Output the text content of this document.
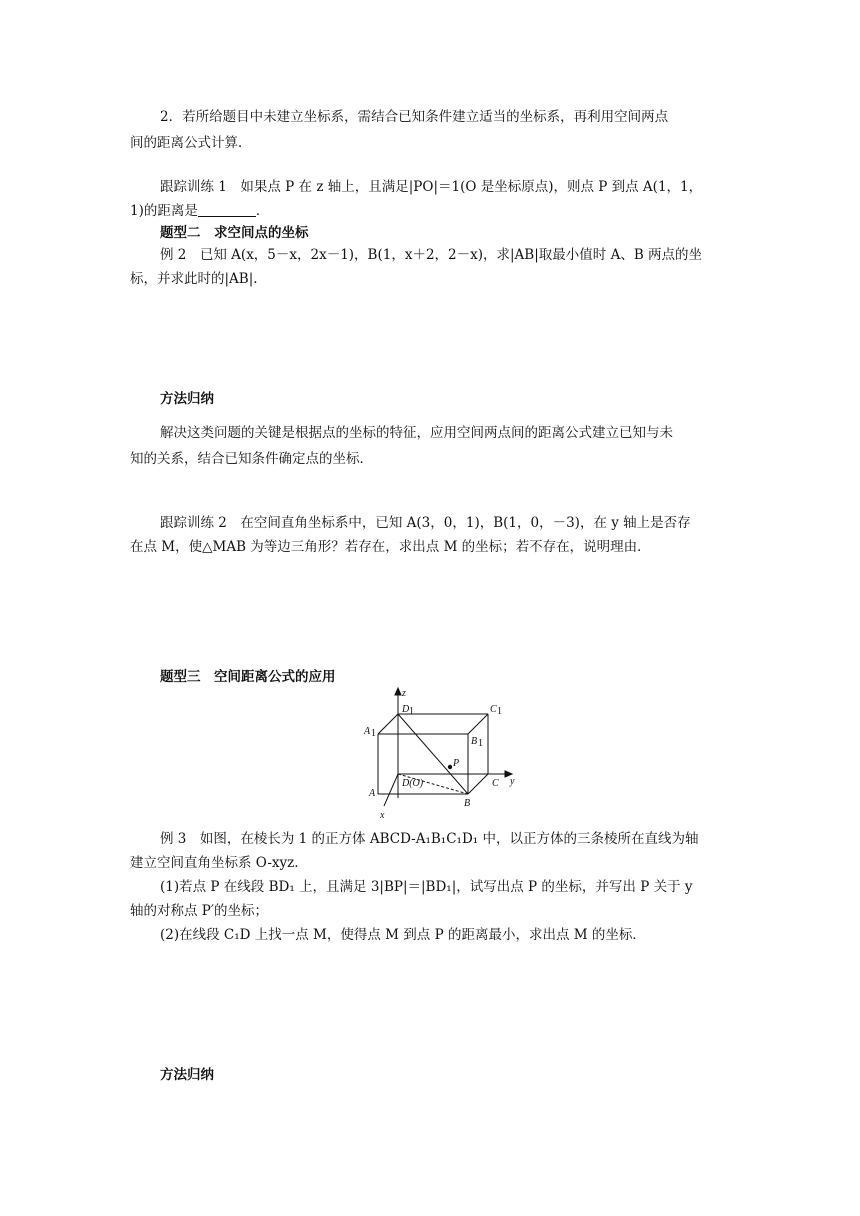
2．若所给题目中未建立坐标系，需结合已知条件建立适当的坐标系，再利用空间两点

间的距离公式计算．

跟踪训练 1　如果点 P 在 z 轴上，且满足|PO|＝1(O 是坐标原点)，则点 P 到点 A(1，1，

1)的距离是	．

题型二　求空间点的坐标

例 2　已知 A(x，5－x，2x－1)，B(1，x＋2，2－x)，求|AB|取最小值时 A、B 两点的坐

标，并求此时的|AB|.

方法归纳

解决这类问题的关键是根据点的坐标的特征，应用空间两点间的距离公式建立已知与未

知的关系，结合已知条件确定点的坐标．

跟踪训练 2　在空间直角坐标系中，已知 A(3，0，1)，B(1，0，－3)，在 y 轴上是否存

在点 M，使△MAB 为等边三角形？若存在，求出点 M 的坐标；若不存在，说明理由．

题型三　空间距离公式的应用

z
D 1	C 1
A 1
B 1
P
D(O)
A
B
C y
x

例 3　如图，在棱长为 1 的正方体 ABCD-A₁B₁C₁D₁ 中，以正方体的三条棱所在直线为轴

建立空间直角坐标系 O-xyz.

(1)若点 P 在线段 BD₁ 上，且满足 3|BP|＝|BD₁|，试写出点 P 的坐标，并写出 P 关于 y

轴的对称点 P′的坐标；

(2)在线段 C₁D 上找一点 M，使得点 M 到点 P 的距离最小，求出点 M 的坐标．

方法归纳
